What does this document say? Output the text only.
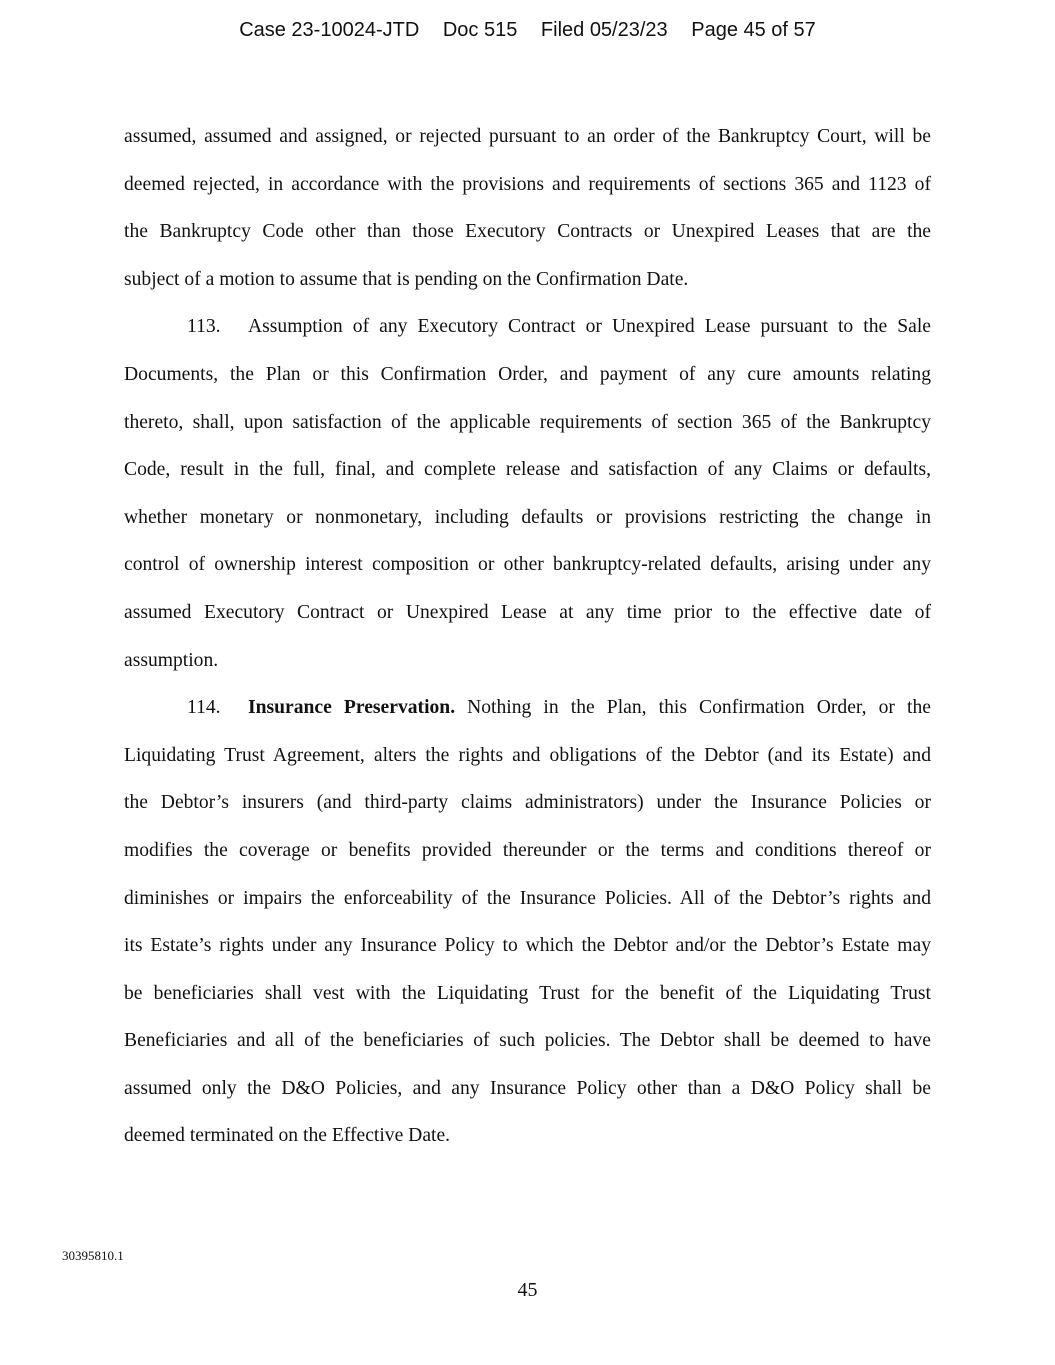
Case 23-10024-JTD Doc 515 Filed 05/23/23 Page 45 of 57
assumed, assumed and assigned, or rejected pursuant to an order of the Bankruptcy Court, will be
deemed rejected, in accordance with the provisions and requirements of sections 365 and 1123 of
the Bankruptcy Code other than those Executory Contracts or Unexpired Leases that are the
subject of a motion to assume that is pending on the Confirmation Date.
113. Assumption of any Executory Contract or Unexpired Lease pursuant to the Sale
Documents, the Plan or this Confirmation Order, and payment of any cure amounts relating
thereto, shall, upon satisfaction of the applicable requirements of section 365 of the Bankruptcy
Code, result in the full, final, and complete release and satisfaction of any Claims or defaults,
whether monetary or nonmonetary, including defaults or provisions restricting the change in
control of ownership interest composition or other bankruptcy-related defaults, arising under any
assumed Executory Contract or Unexpired Lease at any time prior to the effective date of
assumption.
114. Insurance Preservation. Nothing in the Plan, this Confirmation Order, or the
Liquidating Trust Agreement, alters the rights and obligations of the Debtor (and its Estate) and
the Debtor’s insurers (and third-party claims administrators) under the Insurance Policies or
modifies the coverage or benefits provided thereunder or the terms and conditions thereof or
diminishes or impairs the enforceability of the Insurance Policies. All of the Debtor’s rights and
its Estate’s rights under any Insurance Policy to which the Debtor and/or the Debtor’s Estate may
be beneficiaries shall vest with the Liquidating Trust for the benefit of the Liquidating Trust
Beneficiaries and all of the beneficiaries of such policies. The Debtor shall be deemed to have
assumed only the D&O Policies, and any Insurance Policy other than a D&O Policy shall be
deemed terminated on the Effective Date.
30395810.1
45
